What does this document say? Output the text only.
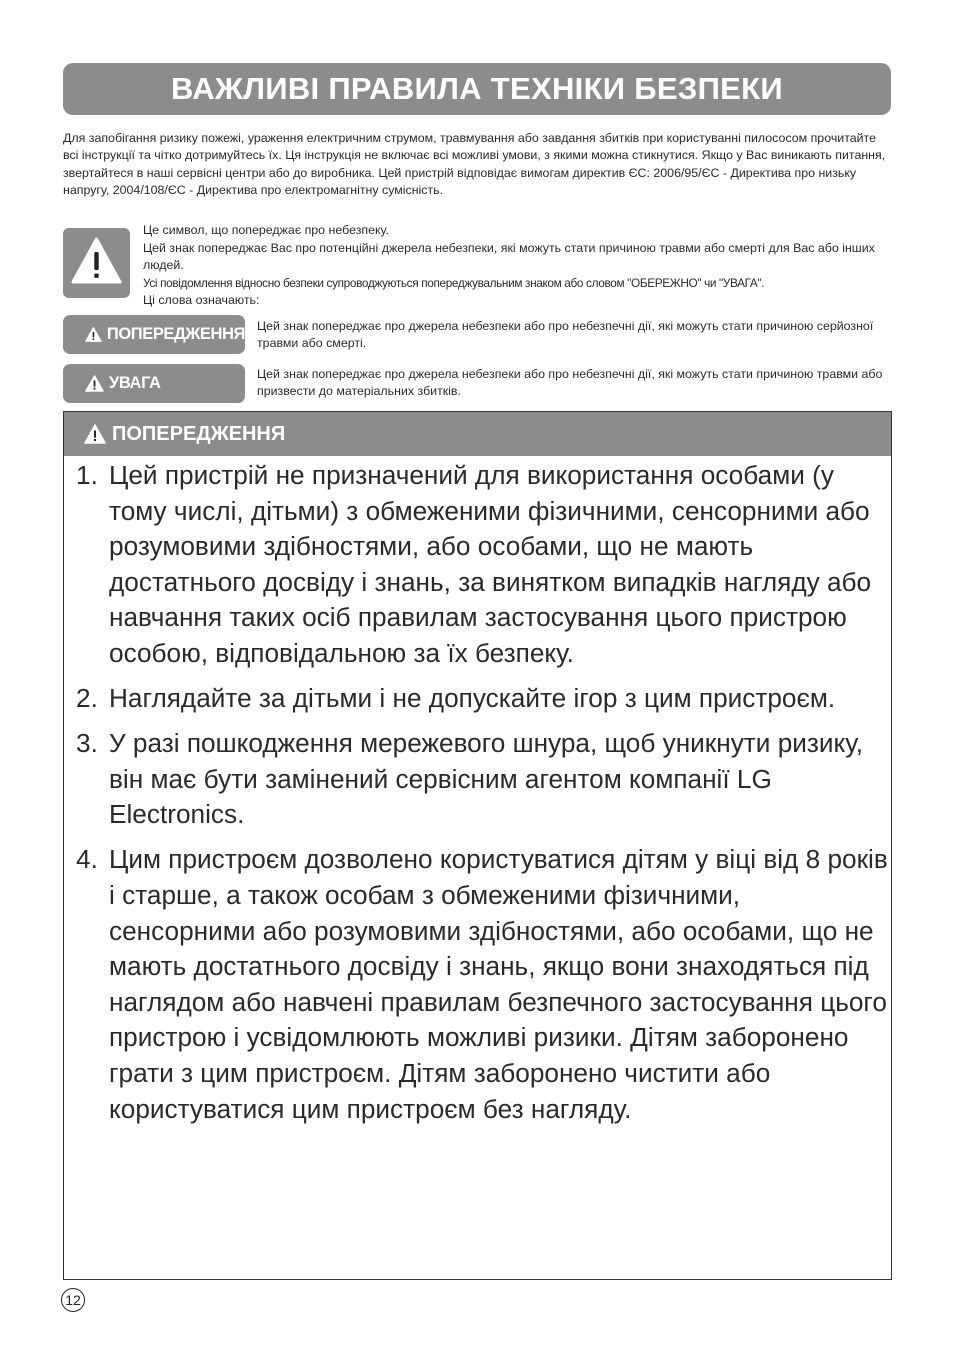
ВАЖЛИВІ ПРАВИЛА ТЕХНІКИ БЕЗПЕКИ
Для запобігання ризику пожежі, ураження електричним струмом, травмування або завдання збитків при користуванні пилососом прочитайте всі інструкції та чітко дотримуйтесь їх. Ця інструкція не включає всі можливі умови, з якими можна стикнутися. Якщо у Вас виникають питання, звертайтеся в наші сервісні центри або до виробника. Цей пристрій відповідає вимогам директив ЄС: 2006/95/ЄС - Директива про низьку напругу, 2004/108/ЄС - Директива про електромагнітну сумісність.
Це символ, що попереджає про небезпеку.
Цей знак попереджає Вас про потенційні джерела небезпеки, які можуть стати причиною травми або смерті для Вас або інших людей.
Усі повідомлення відносно безпеки супроводжуються попереджувальним знаком або словом "ОБЕРЕЖНО" чи "УВАГА".
Ці слова означають:
ПОПЕРЕДЖЕННЯ Цей знак попереджає про джерела небезпеки або про небезпечні дії, які можуть стати причиною серйозної травми або смерті.
УВАГА	Цей знак попереджає про джерела небезпеки або про небезпечні дії, які можуть стати причиною травми або призвести до матеріальних збитків.
ПОПЕРЕДЖЕННЯ
1. Цей пристрій не призначений для використання особами (у тому числі, дітьми) з обмеженими фізичними, сенсорними або розумовими здібностями, або особами, що не мають достатнього досвіду і знань, за винятком випадків нагляду або навчання таких осіб правилам застосування цього пристрою особою, відповідальною за їх безпеку.
2. Наглядайте за дітьми і не допускайте ігор з цим пристроєм.
3. У разі пошкодження мережевого шнура, щоб уникнути ризику, він має бути замінений сервісним агентом компанії LG Electronics.
4. Цим пристроєм дозволено користуватися дітям у віці від 8 років і старше, а також особам з обмеженими фізичними, сенсорними або розумовими здібностями, або особами, що не мають достатнього досвіду і знань, якщо вони знаходяться під наглядом або навчені правилам безпечного застосування цього пристрою і усвідомлюють можливі ризики. Дітям заборонено грати з цим пристроєм. Дітям заборонено чистити або користуватися цим пристроєм без нагляду.
12
